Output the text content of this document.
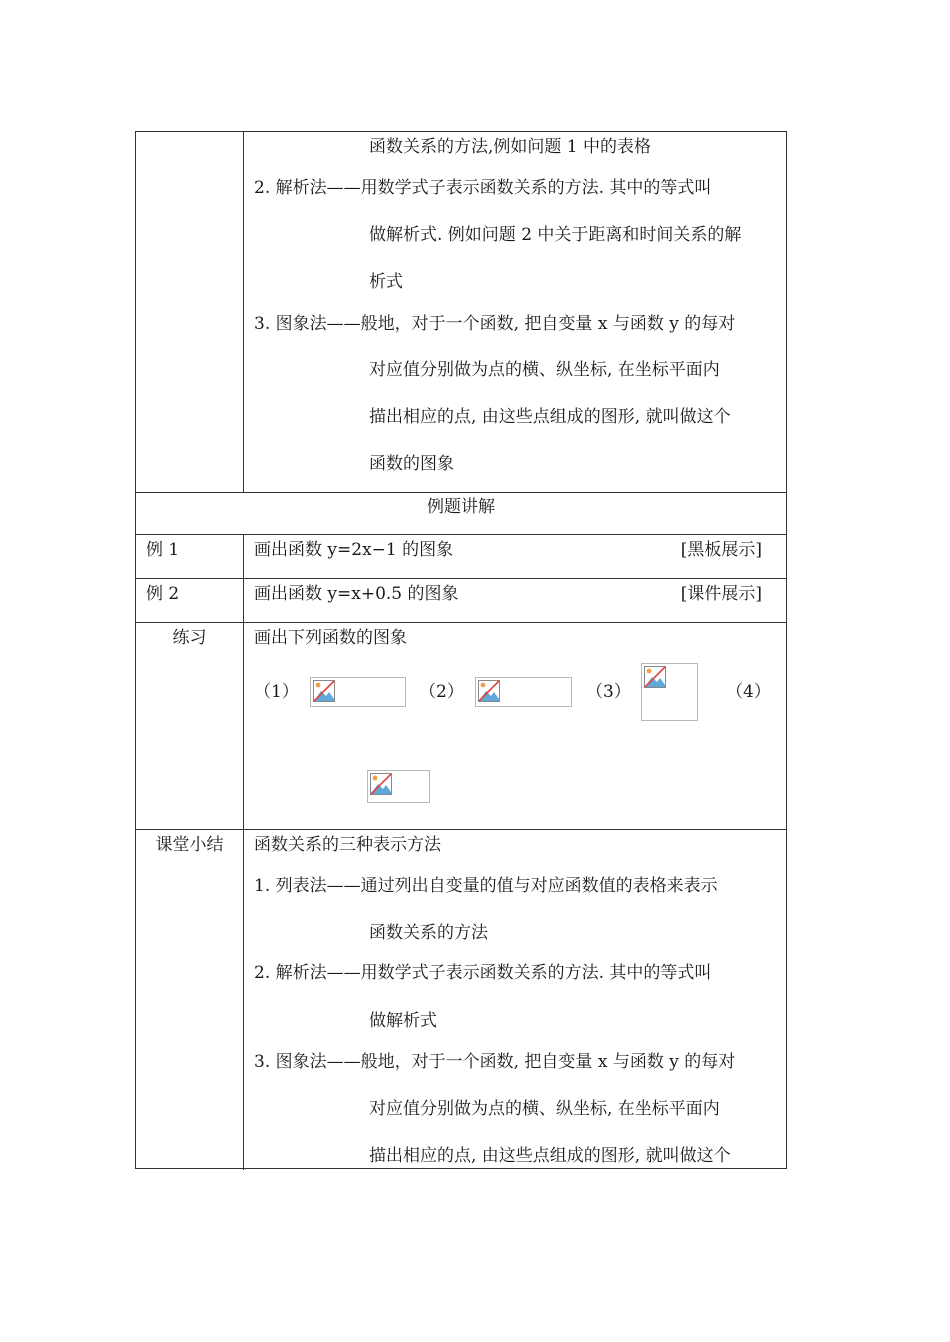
函数关系的方法,例如问题 1 中的表格
2. 解析法——用数学式子表示函数关系的方法. 其中的等式叫
做解析式. 例如问题 2 中关于距离和时间关系的解
析式
3. 图象法——般地，对于一个函数, 把自变量 x 与函数 y 的每对
对应值分别做为点的横、纵坐标, 在坐标平面内
描出相应的点, 由这些点组成的图形, 就叫做这个
函数的图象
例题讲解
例 1	画出函数 y=2x−1 的图象	[黑板展示]
例 2	画出函数 y=x+0.5 的图象	[课件展示]
练习	画出下列函数的图象
（1）	（2）	（3）	（4）
课堂小结	函数关系的三种表示方法
1. 列表法——通过列出自变量的值与对应函数值的表格来表示
函数关系的方法
2. 解析法——用数学式子表示函数关系的方法. 其中的等式叫
做解析式
3. 图象法——般地，对于一个函数, 把自变量 x 与函数 y 的每对
对应值分别做为点的横、纵坐标, 在坐标平面内
描出相应的点, 由这些点组成的图形, 就叫做这个
